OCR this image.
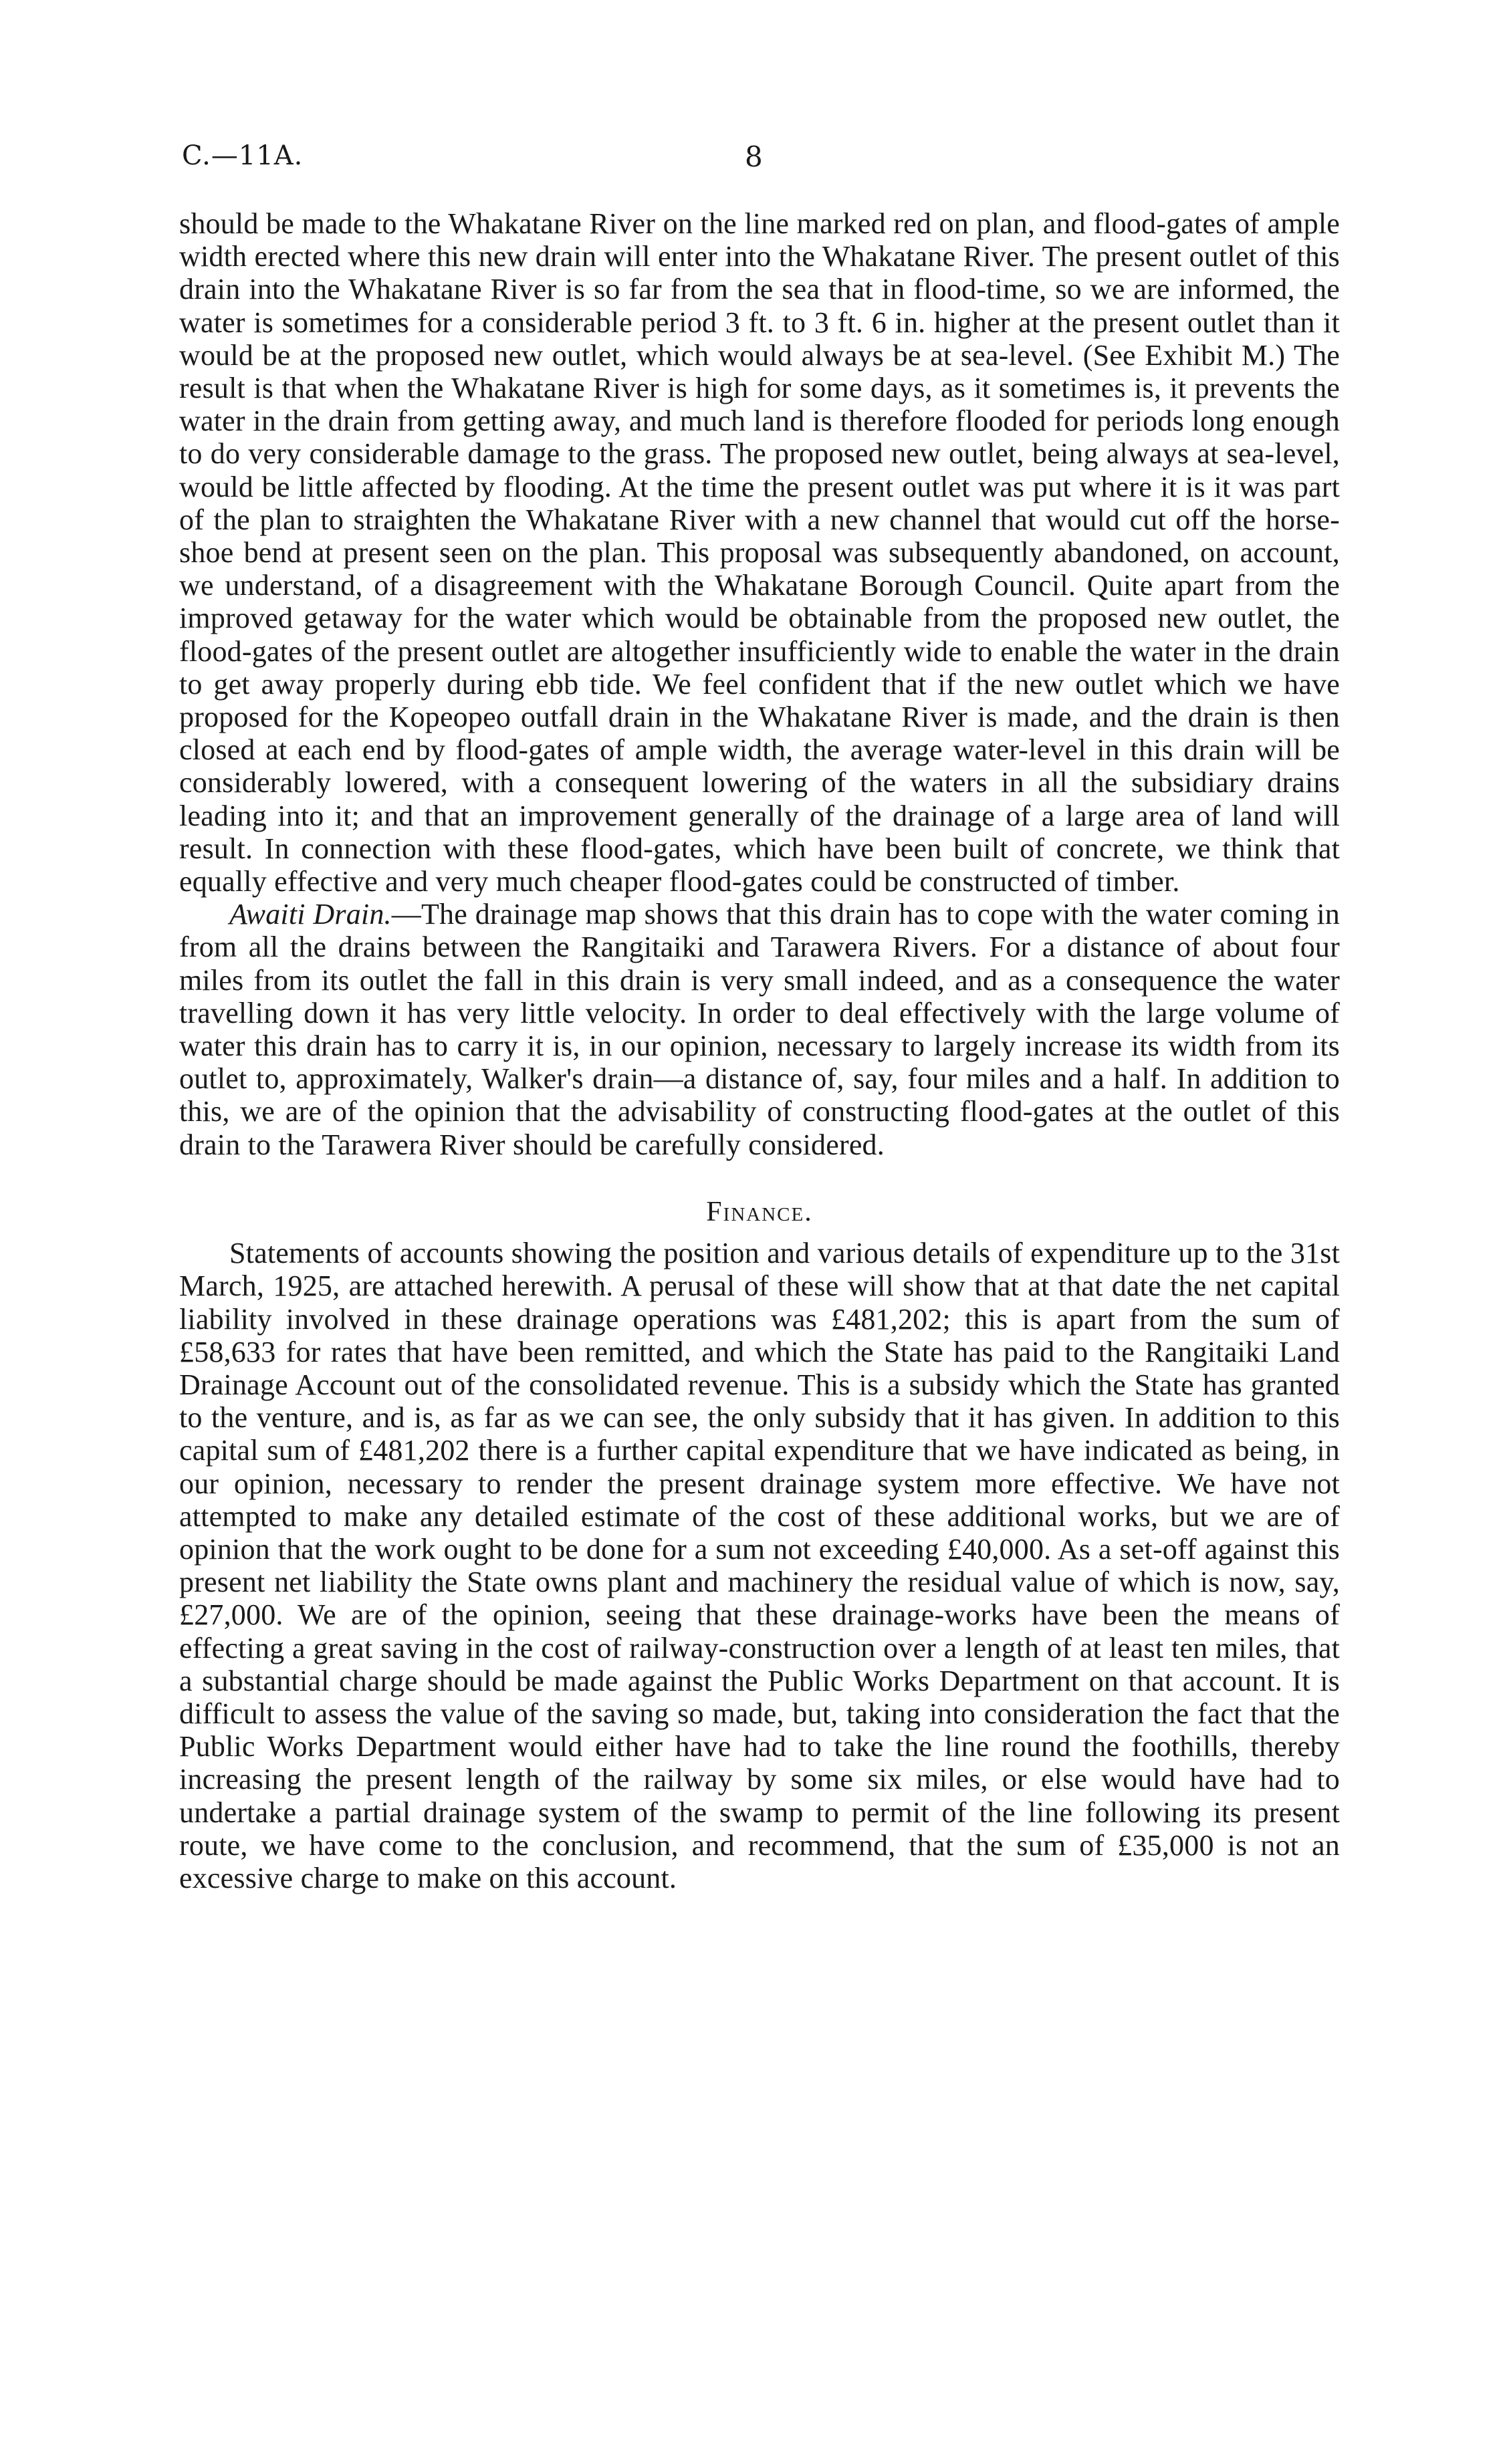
C.—11A.	8

should be made to the Whakatane River on the line marked red on plan, and flood-gates of ample width erected where this new drain will enter into the Whakatane River. The present outlet of this drain into the Whakatane River is so far from the sea that in flood-time, so we are informed, the water is sometimes for a considerable period 3 ft. to 3 ft. 6 in. higher at the present outlet than it would be at the proposed new outlet, which would always be at sea-level. (See Exhibit M.) The result is that when the Whakatane River is high for some days, as it sometimes is, it prevents the water in the drain from getting away, and much land is therefore flooded for periods long enough to do very considerable damage to the grass. The proposed new outlet, being always at sea-level, would be little affected by flooding. At the time the present outlet was put where it is it was part of the plan to straighten the Whakatane River with a new channel that would cut off the horse-shoe bend at present seen on the plan. This proposal was subsequently abandoned, on account, we understand, of a disagreement with the Whakatane Borough Council. Quite apart from the improved getaway for the water which would be obtainable from the proposed new outlet, the flood-gates of the present outlet are altogether insufficiently wide to enable the water in the drain to get away properly during ebb tide. We feel confident that if the new outlet which we have proposed for the Kopeopeo outfall drain in the Whakatane River is made, and the drain is then closed at each end by flood-gates of ample width, the average water-level in this drain will be considerably lowered, with a consequent lowering of the waters in all the subsidiary drains leading into it; and that an improvement generally of the drainage of a large area of land will result. In connection with these flood-gates, which have been built of concrete, we think that equally effective and very much cheaper flood-gates could be constructed of timber.

Awaiti Drain.—The drainage map shows that this drain has to cope with the water coming in from all the drains between the Rangitaiki and Tarawera Rivers. For a distance of about four miles from its outlet the fall in this drain is very small indeed, and as a consequence the water travelling down it has very little velocity. In order to deal effectively with the large volume of water this drain has to carry it is, in our opinion, necessary to largely increase its width from its outlet to, approximately, Walker's drain—a distance of, say, four miles and a half. In addition to this, we are of the opinion that the advisability of constructing flood-gates at the outlet of this drain to the Tarawera River should be carefully considered.

Finance.

Statements of accounts showing the position and various details of expenditure up to the 31st March, 1925, are attached herewith. A perusal of these will show that at that date the net capital liability involved in these drainage operations was £481,202; this is apart from the sum of £58,633 for rates that have been remitted, and which the State has paid to the Rangitaiki Land Drainage Account out of the consolidated revenue. This is a subsidy which the State has granted to the venture, and is, as far as we can see, the only subsidy that it has given. In addition to this capital sum of £481,202 there is a further capital expenditure that we have indicated as being, in our opinion, necessary to render the present drainage system more effective. We have not attempted to make any detailed estimate of the cost of these additional works, but we are of opinion that the work ought to be done for a sum not exceeding £40,000. As a set-off against this present net liability the State owns plant and machinery the residual value of which is now, say, £27,000. We are of the opinion, seeing that these drainage-works have been the means of effecting a great saving in the cost of railway-construction over a length of at least ten miles, that a substantial charge should be made against the Public Works Department on that account. It is difficult to assess the value of the saving so made, but, taking into consideration the fact that the Public Works Department would either have had to take the line round the foothills, thereby increasing the present length of the railway by some six miles, or else would have had to undertake a partial drainage system of the swamp to permit of the line following its present route, we have come to the conclusion, and recommend, that the sum of £35,000 is not an excessive charge to make on this account.
